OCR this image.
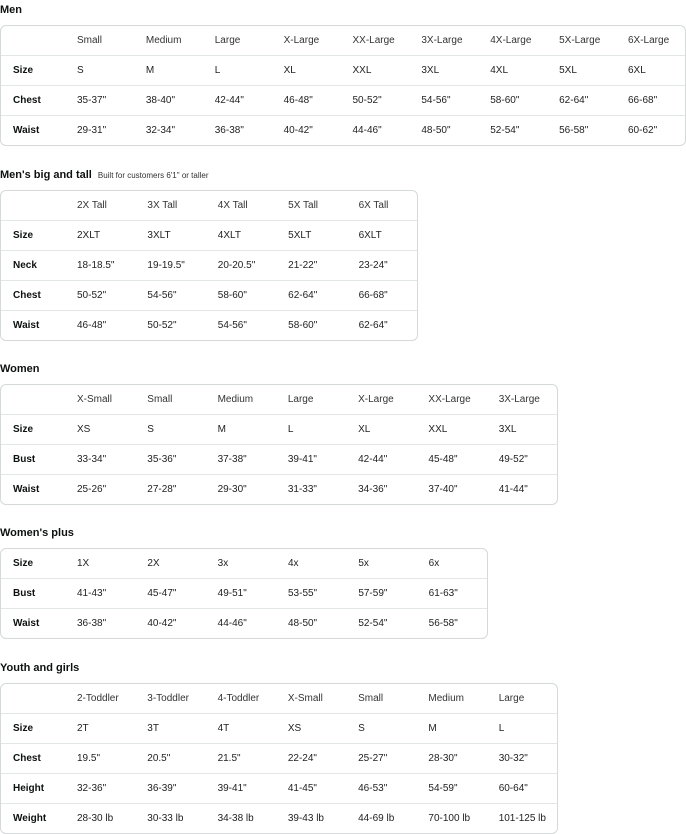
Men
	Small	Medium	Large	X-Large	XX-Large	3X-Large	4X-Large	5X-Large	6X-Large
Size	S	M	L	XL	XXL	3XL	4XL	5XL	6XL
Chest	35-37"	38-40"	42-44"	46-48"	50-52"	54-56"	58-60"	62-64"	66-68"
Waist	29-31"	32-34"	36-38"	40-42"	44-46"	48-50"	52-54"	56-58"	60-62"
Men's big and tall Built for customers 6'1" or taller
	2X Tall	3X Tall	4X Tall	5X Tall	6X Tall
Size	2XLT	3XLT	4XLT	5XLT	6XLT
Neck	18-18.5"	19-19.5"	20-20.5"	21-22"	23-24"
Chest	50-52"	54-56"	58-60"	62-64"	66-68"
Waist	46-48"	50-52"	54-56"	58-60"	62-64"
Women
	X-Small	Small	Medium	Large	X-Large	XX-Large	3X-Large
Size	XS	S	M	L	XL	XXL	3XL
Bust	33-34"	35-36"	37-38"	39-41"	42-44"	45-48"	49-52"
Waist	25-26"	27-28"	29-30"	31-33"	34-36"	37-40"	41-44"
Women's plus
Size	1X	2X	3x	4x	5x	6x
Bust	41-43"	45-47"	49-51"	53-55"	57-59"	61-63"
Waist	36-38"	40-42"	44-46"	48-50"	52-54"	56-58"
Youth and girls
	2-Toddler	3-Toddler	4-Toddler	X-Small	Small	Medium	Large
Size	2T	3T	4T	XS	S	M	L
Chest	19.5"	20.5"	21.5"	22-24"	25-27"	28-30"	30-32"
Height	32-36"	36-39"	39-41"	41-45"	46-53"	54-59"	60-64"
Weight	28-30 lb	30-33 lb	34-38 lb	39-43 lb	44-69 lb	70-100 lb	101-125 lb
